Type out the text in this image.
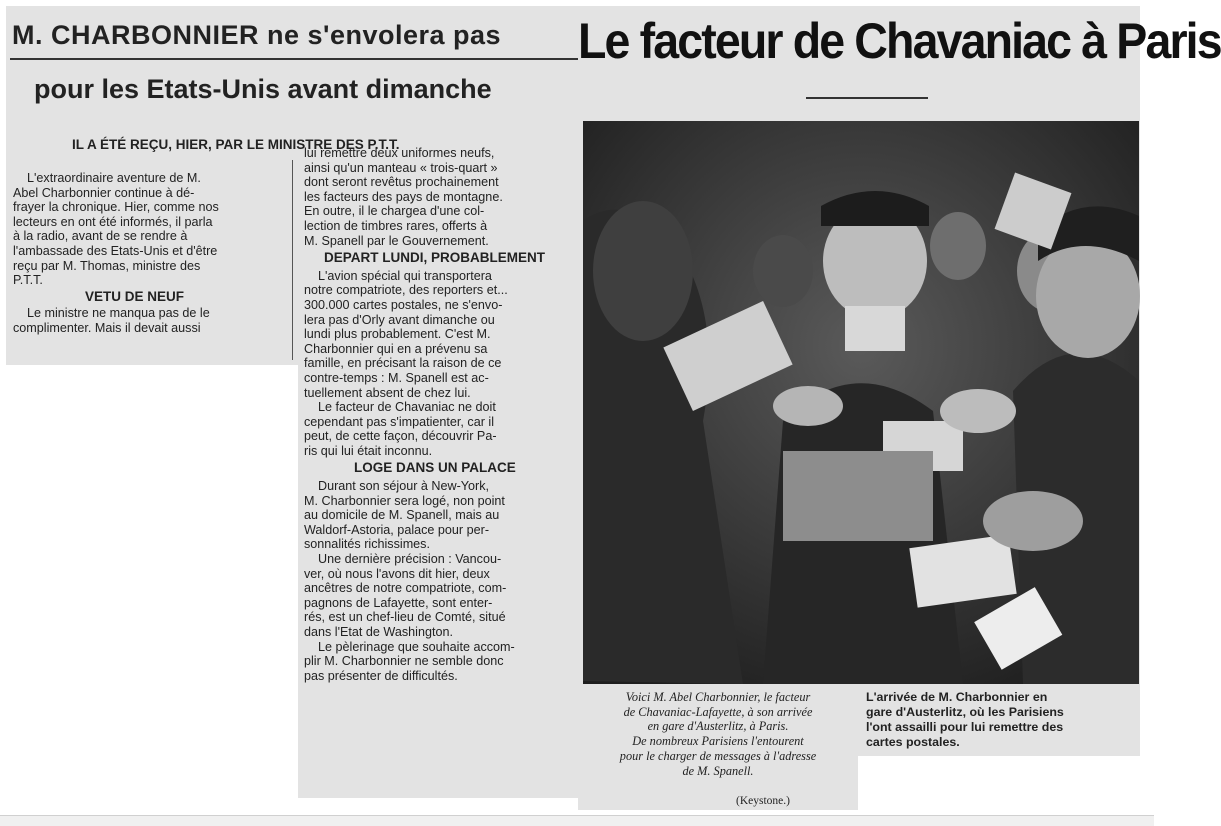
M. CHARBONNIER ne s'envolera pas
pour les Etats-Unis avant dimanche
IL A ÉTÉ REÇU, HIER, PAR LE MINISTRE DES P.T.T.
L'extraordinaire aventure de M.
Abel Charbonnier continue à dé-
frayer la chronique. Hier, comme nos
lecteurs en ont été informés, il parla
à la radio, avant de se rendre à
l'ambassade des Etats-Unis et d'être
reçu par M. Thomas, ministre des
P.T.T.
VETU DE NEUF
Le ministre ne manqua pas de le
complimenter. Mais il devait aussi
lui remettre deux uniformes neufs,
ainsi qu'un manteau « trois-quart »
dont seront revêtus prochainement
les facteurs des pays de montagne.
En outre, il le chargea d'une col-
lection de timbres rares, offerts à
M. Spanell par le Gouvernement.
DEPART LUNDI, PROBABLEMENT
L'avion spécial qui transportera
notre compatriote, des reporters et...
300.000 cartes postales, ne s'envo-
lera pas d'Orly avant dimanche ou
lundi plus probablement. C'est M.
Charbonnier qui en a prévenu sa
famille, en précisant la raison de ce
contre-temps : M. Spanell est ac-
tuellement absent de chez lui.
Le facteur de Chavaniac ne doit
cependant pas s'impatienter, car il
peut, de cette façon, découvrir Pa-
ris qui lui était inconnu.
LOGE DANS UN PALACE
Durant son séjour à New-York,
M. Charbonnier sera logé, non point
au domicile de M. Spanell, mais au
Waldorf-Astoria, palace pour per-
sonnalités richissimes.
Une dernière précision : Vancou-
ver, où nous l'avons dit hier, deux
ancêtres de notre compatriote, com-
pagnons de Lafayette, sont enter-
rés, est un chef-lieu de Comté, situé
dans l'Etat de Washington.
Le pèlerinage que souhaite accom-
plir M. Charbonnier ne semble donc
pas présenter de difficultés.
Le facteur de Chavaniac à Paris
Voici M. Abel Charbonnier, le facteur
de Chavaniac-Lafayette, à son arrivée
en gare d'Austerlitz, à Paris.
De nombreux Parisiens l'entourent
pour le charger de messages à l'adresse
de M. Spanell.
(Keystone.)
L'arrivée de M. Charbonnier en
gare d'Austerlitz, où les Parisiens
l'ont assailli pour lui remettre des
cartes postales.
